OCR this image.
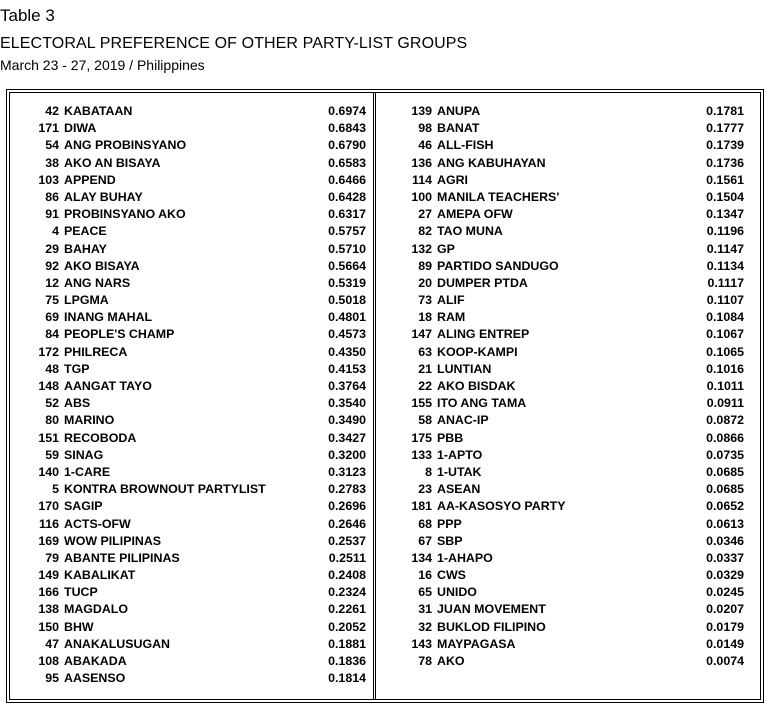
Table 3
ELECTORAL PREFERENCE OF OTHER PARTY-LIST GROUPS
March 23 - 27, 2019 / Philippines
42 KABATAAN	0.6974
171 DIWA	0.6843
54 ANG PROBINSYANO	0.6790
38 AKO AN BISAYA	0.6583
103 APPEND	0.6466
86 ALAY BUHAY	0.6428
91 PROBINSYANO AKO	0.6317
4 PEACE	0.5757
29 BAHAY	0.5710
92 AKO BISAYA	0.5664
12 ANG NARS	0.5319
75 LPGMA	0.5018
69 INANG MAHAL	0.4801
84 PEOPLE'S CHAMP	0.4573
172 PHILRECA	0.4350
48 TGP	0.4153
148 AANGAT TAYO	0.3764
52 ABS	0.3540
80 MARINO	0.3490
151 RECOBODA	0.3427
59 SINAG	0.3200
140 1-CARE	0.3123
5 KONTRA BROWNOUT PARTYLIST	0.2783
170 SAGIP	0.2696
116 ACTS-OFW	0.2646
169 WOW PILIPINAS	0.2537
79 ABANTE PILIPINAS	0.2511
149 KABALIKAT	0.2408
166 TUCP	0.2324
138 MAGDALO	0.2261
150 BHW	0.2052
47 ANAKALUSUGAN	0.1881
108 ABAKADA	0.1836
95 AASENSO	0.1814
139 ANUPA	0.1781
98 BANAT	0.1777
46 ALL-FISH	0.1739
136 ANG KABUHAYAN	0.1736
114 AGRI	0.1561
100 MANILA TEACHERS'	0.1504
27 AMEPA OFW	0.1347
82 TAO MUNA	0.1196
132 GP	0.1147
89 PARTIDO SANDUGO	0.1134
20 DUMPER PTDA	0.1117
73 ALIF	0.1107
18 RAM	0.1084
147 ALING ENTREP	0.1067
63 KOOP-KAMPI	0.1065
21 LUNTIAN	0.1016
22 AKO BISDAK	0.1011
155 ITO ANG TAMA	0.0911
58 ANAC-IP	0.0872
175 PBB	0.0866
133 1-APTO	0.0735
8 1-UTAK	0.0685
23 ASEAN	0.0685
181 AA-KASOSYO PARTY	0.0652
68 PPP	0.0613
67 SBP	0.0346
134 1-AHAPO	0.0337
16 CWS	0.0329
65 UNIDO	0.0245
31 JUAN MOVEMENT	0.0207
32 BUKLOD FILIPINO	0.0179
143 MAYPAGASA	0.0149
78 AKO	0.0074
